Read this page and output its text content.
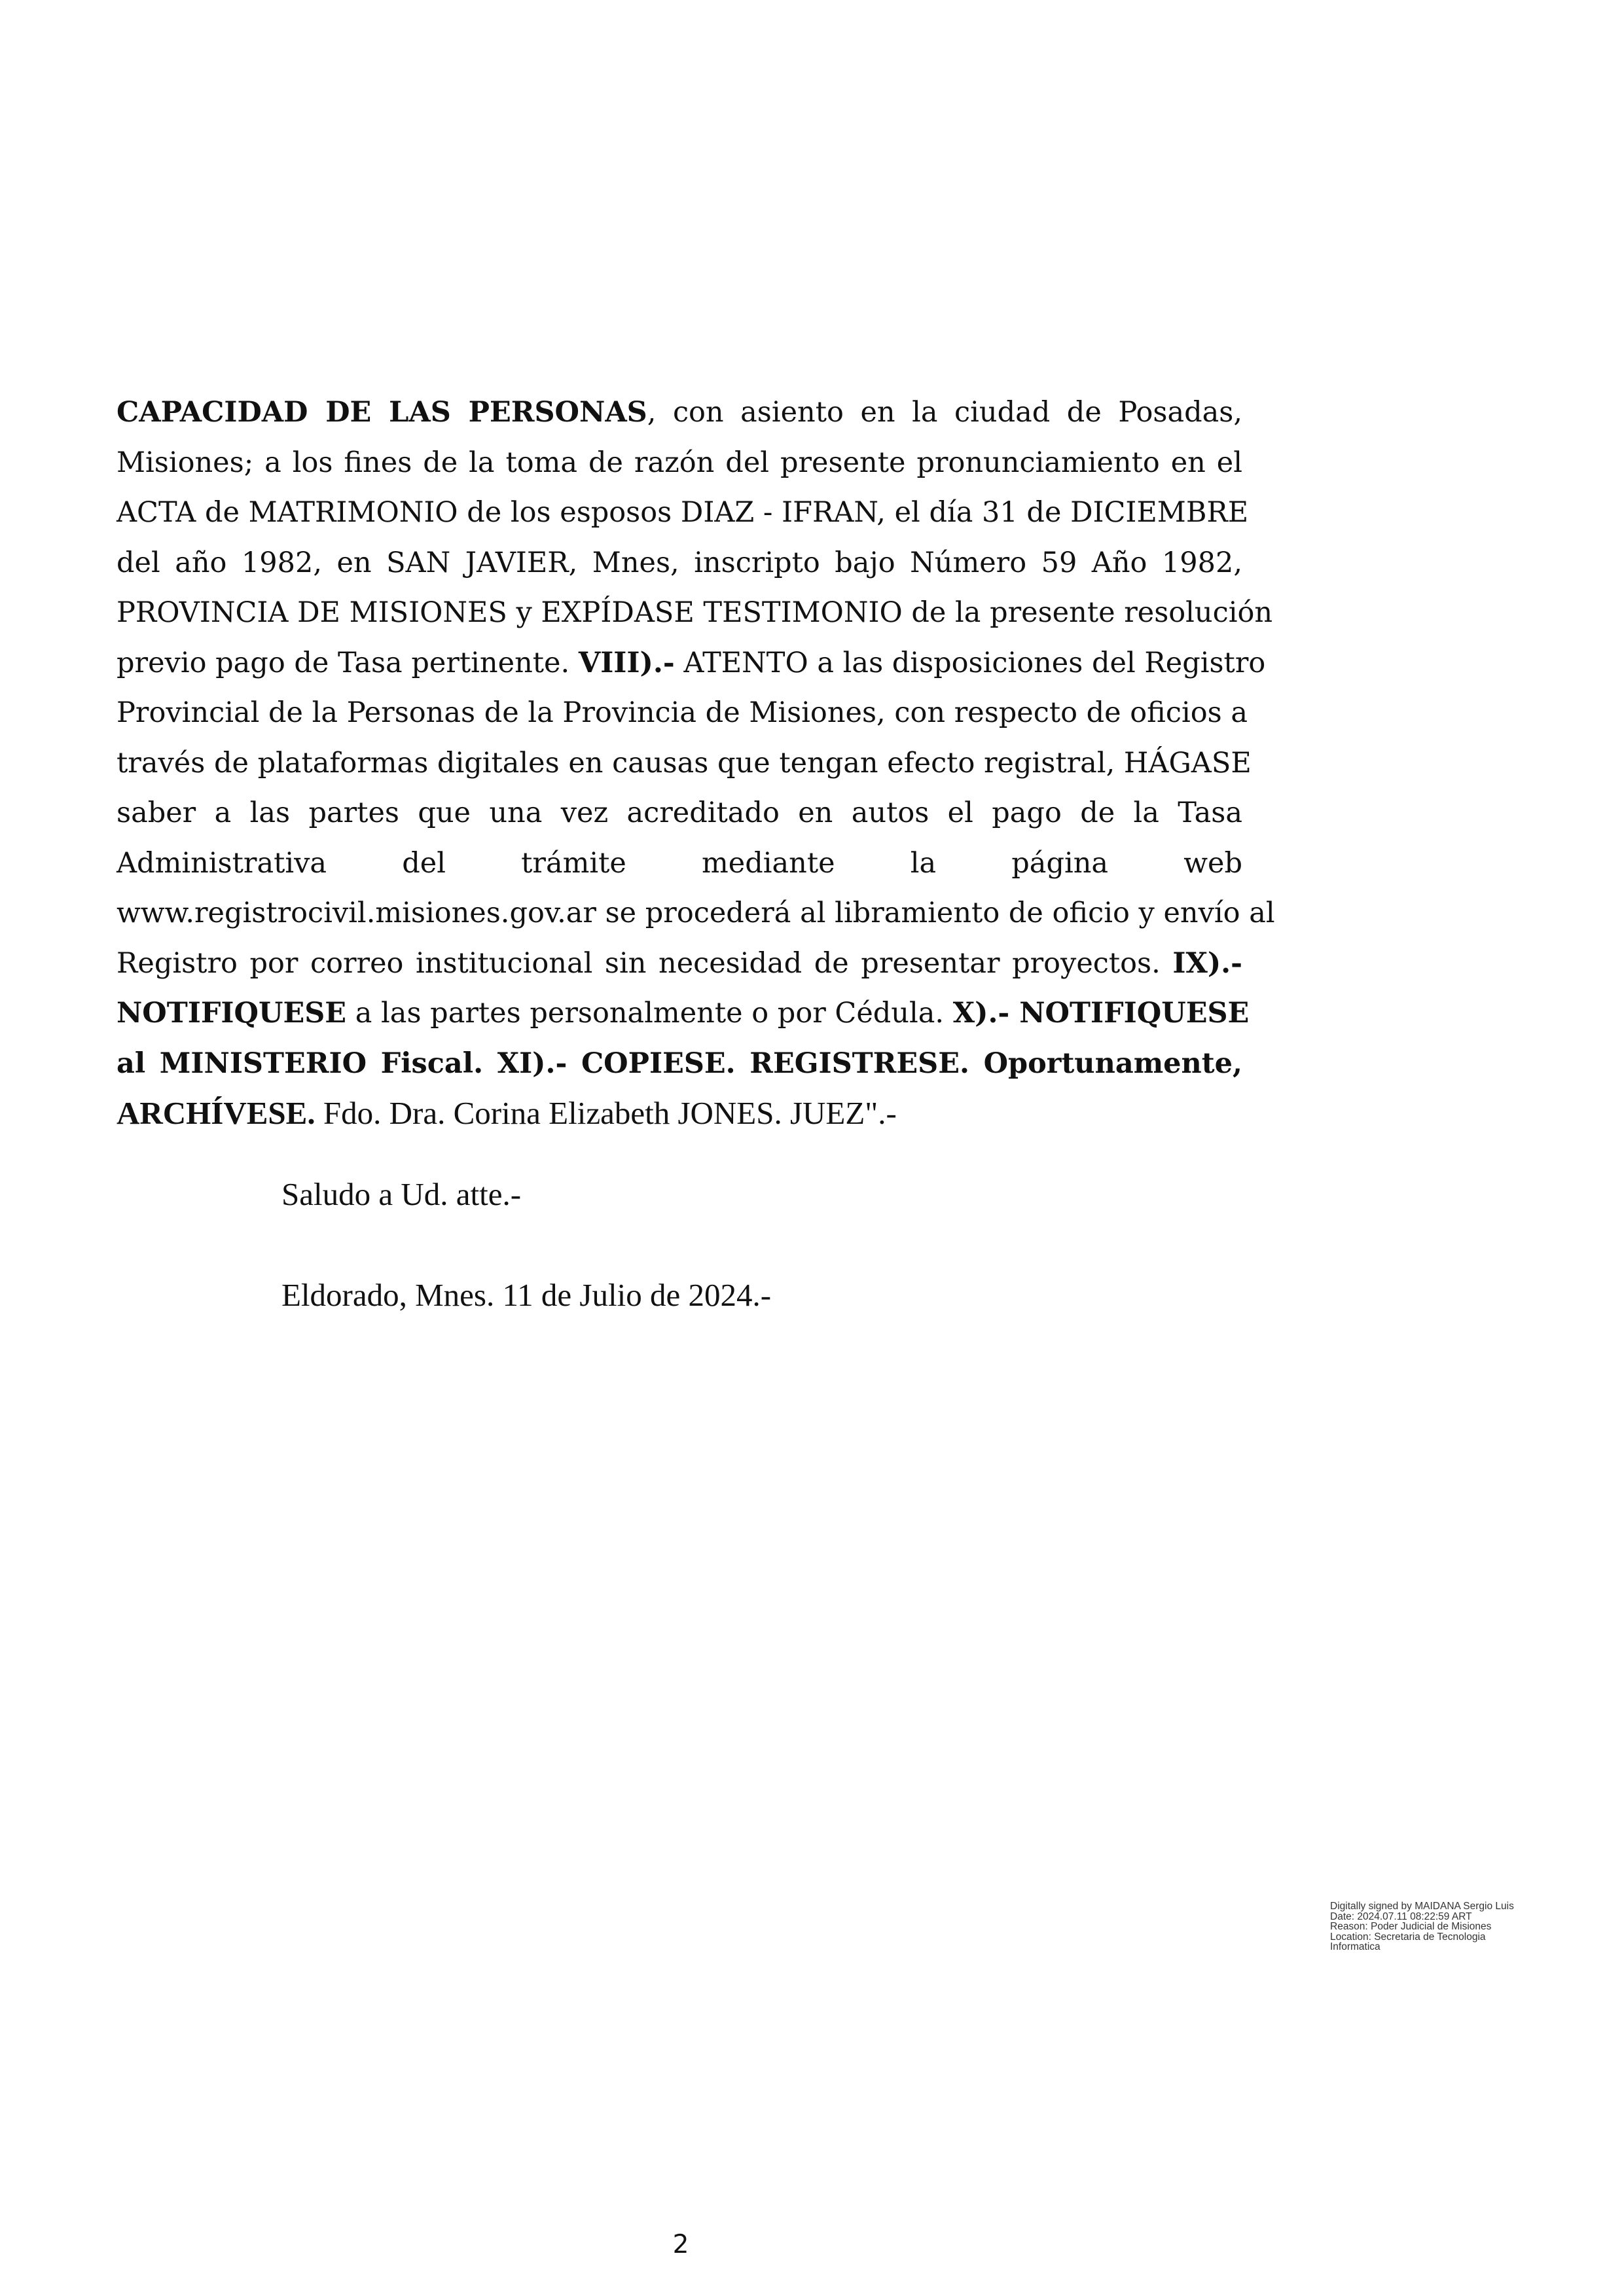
CAPACIDAD DE LAS PERSONAS, con asiento en la ciudad de Posadas,
Misiones; a los fines de la toma de razón del presente pronunciamiento en el
ACTA de MATRIMONIO de los esposos DIAZ - IFRAN, el día 31 de DICIEMBRE
del año 1982, en SAN JAVIER, Mnes, inscripto bajo Número 59 Año 1982,
PROVINCIA DE MISIONES y EXPÍDASE TESTIMONIO de la presente resolución
previo pago de Tasa pertinente. VIII).- ATENTO a las disposiciones del Registro
Provincial de la Personas de la Provincia de Misiones, con respecto de oficios a
través de plataformas digitales en causas que tengan efecto registral, HÁGASE
saber a las partes que una vez acreditado en autos el pago de la Tasa
Administrativa del trámite mediante la página web
www.registrocivil.misiones.gov.ar se procederá al libramiento de oficio y envío al
Registro por correo institucional sin necesidad de presentar proyectos. IX).-
NOTIFIQUESE a las partes personalmente o por Cédula. X).- NOTIFIQUESE
al MINISTERIO Fiscal. XI).- COPIESE. REGISTRESE. Oportunamente,
ARCHÍVESE. Fdo. Dra. Corina Elizabeth JONES. JUEZ".-
Saludo a Ud. atte.-
Eldorado, Mnes. 11 de Julio de 2024.-
Digitally signed by MAIDANA Sergio Luis
Date: 2024.07.11 08:22:59 ART
Reason: Poder Judicial de Misiones
Location: Secretaria de Tecnologia
Informatica
2
